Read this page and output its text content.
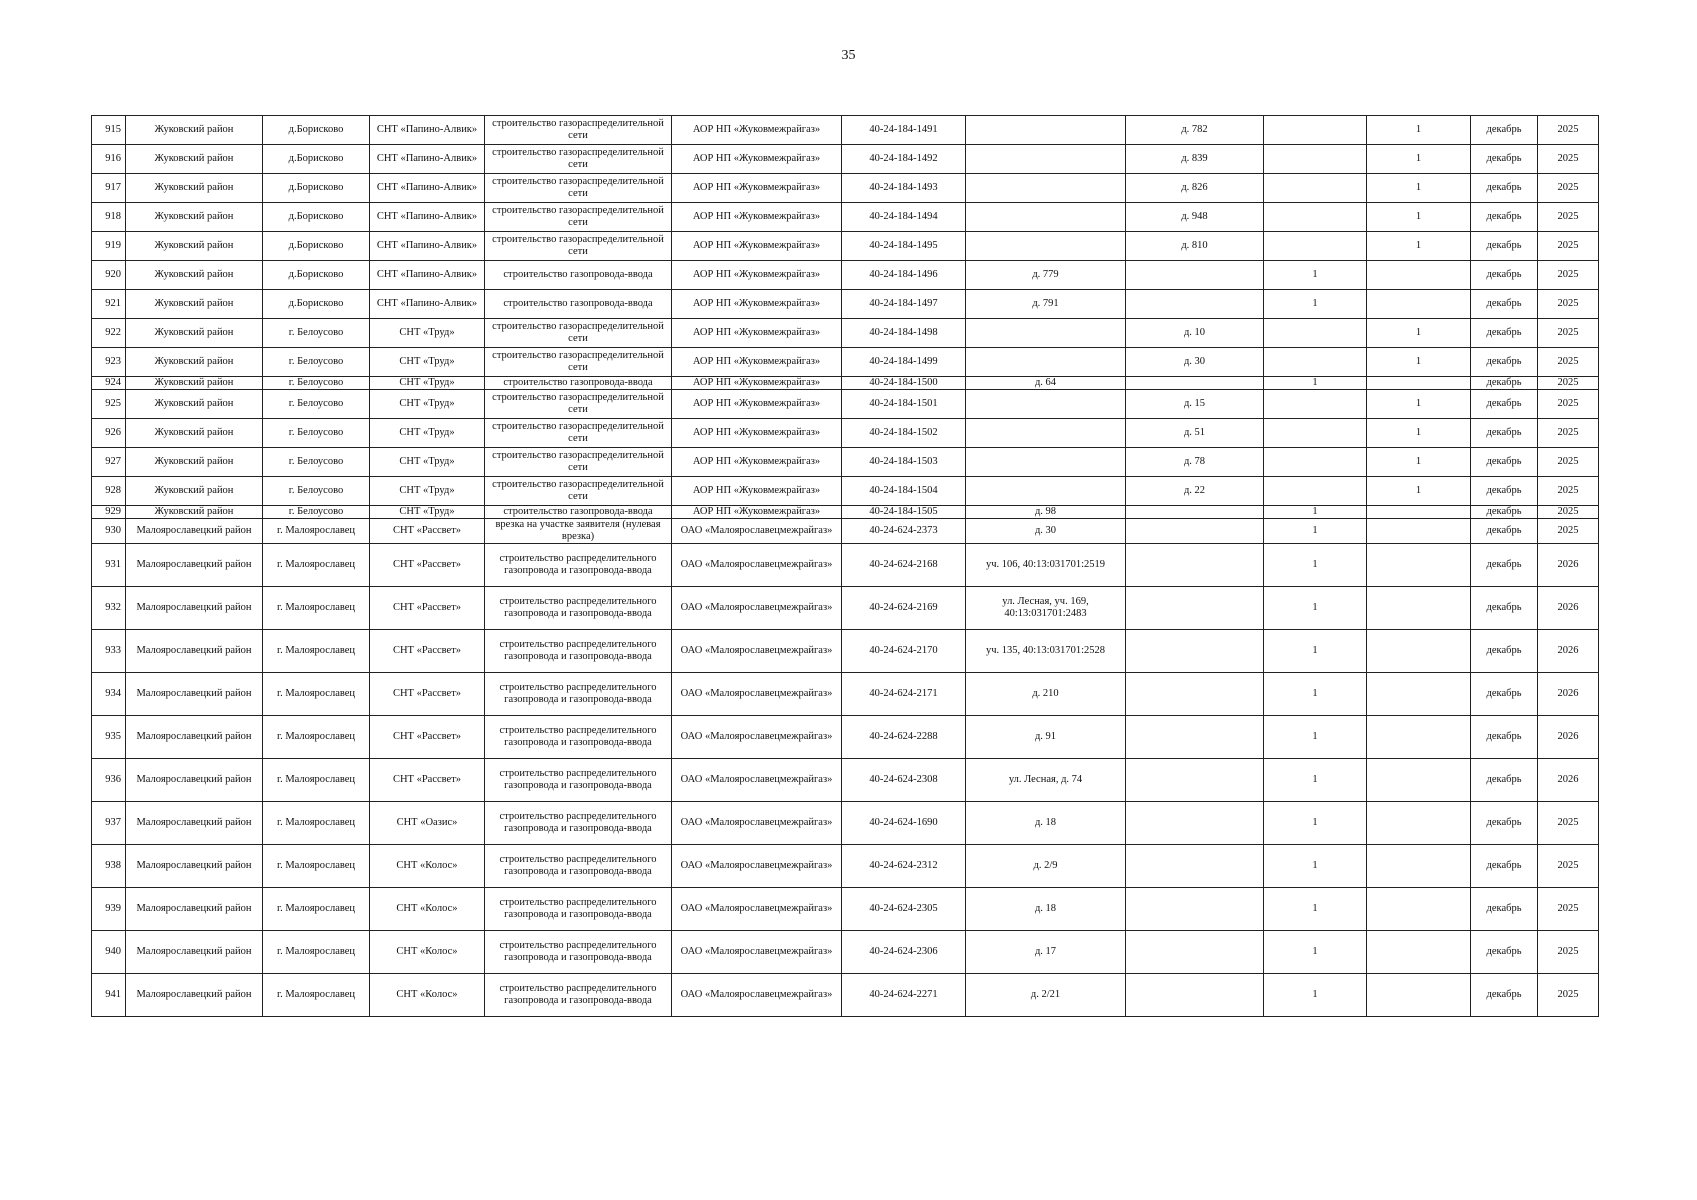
35
915	Жуковский район	д.Борисково	СНТ «Папино-Алвик»	строительство газораспределительной сети	АОР НП «Жуковмежрайгаз»	40-24-184-1491		д. 782		1	декабрь	2025
916	Жуковский район	д.Борисково	СНТ «Папино-Алвик»	строительство газораспределительной сети	АОР НП «Жуковмежрайгаз»	40-24-184-1492		д. 839		1	декабрь	2025
917	Жуковский район	д.Борисково	СНТ «Папино-Алвик»	строительство газораспределительной сети	АОР НП «Жуковмежрайгаз»	40-24-184-1493		д. 826		1	декабрь	2025
918	Жуковский район	д.Борисково	СНТ «Папино-Алвик»	строительство газораспределительной сети	АОР НП «Жуковмежрайгаз»	40-24-184-1494		д. 948		1	декабрь	2025
919	Жуковский район	д.Борисково	СНТ «Папино-Алвик»	строительство газораспределительной сети	АОР НП «Жуковмежрайгаз»	40-24-184-1495		д. 810		1	декабрь	2025
920	Жуковский район	д.Борисково	СНТ «Папино-Алвик»	строительство газопровода-ввода	АОР НП «Жуковмежрайгаз»	40-24-184-1496	д. 779		1		декабрь	2025
921	Жуковский район	д.Борисково	СНТ «Папино-Алвик»	строительство газопровода-ввода	АОР НП «Жуковмежрайгаз»	40-24-184-1497	д. 791		1		декабрь	2025
922	Жуковский район	г. Белоусово	СНТ «Труд»	строительство газораспределительной сети	АОР НП «Жуковмежрайгаз»	40-24-184-1498		д. 10		1	декабрь	2025
923	Жуковский район	г. Белоусово	СНТ «Труд»	строительство газораспределительной сети	АОР НП «Жуковмежрайгаз»	40-24-184-1499		д. 30		1	декабрь	2025
924	Жуковский район	г. Белоусово	СНТ «Труд»	строительство газопровода-ввода	АОР НП «Жуковмежрайгаз»	40-24-184-1500	д. 64		1		декабрь	2025
925	Жуковский район	г. Белоусово	СНТ «Труд»	строительство газораспределительной сети	АОР НП «Жуковмежрайгаз»	40-24-184-1501		д. 15		1	декабрь	2025
926	Жуковский район	г. Белоусово	СНТ «Труд»	строительство газораспределительной сети	АОР НП «Жуковмежрайгаз»	40-24-184-1502		д. 51		1	декабрь	2025
927	Жуковский район	г. Белоусово	СНТ «Труд»	строительство газораспределительной сети	АОР НП «Жуковмежрайгаз»	40-24-184-1503		д. 78		1	декабрь	2025
928	Жуковский район	г. Белоусово	СНТ «Труд»	строительство газораспределительной сети	АОР НП «Жуковмежрайгаз»	40-24-184-1504		д. 22		1	декабрь	2025
929	Жуковский район	г. Белоусово	СНТ «Труд»	строительство газопровода-ввода	АОР НП «Жуковмежрайгаз»	40-24-184-1505	д. 98		1		декабрь	2025
930	Малоярославецкий район	г. Малоярославец	СНТ «Рассвет»	врезка на участке заявителя (нулевая врезка)	ОАО «Малоярославецмежрайгаз»	40-24-624-2373	д. 30		1		декабрь	2025
931	Малоярославецкий район	г. Малоярославец	СНТ «Рассвет»	строительство распределительного газопровода и газопровода-ввода	ОАО «Малоярославецмежрайгаз»	40-24-624-2168	уч. 106, 40:13:031701:2519		1		декабрь	2026
932	Малоярославецкий район	г. Малоярославец	СНТ «Рассвет»	строительство распределительного газопровода и газопровода-ввода	ОАО «Малоярославецмежрайгаз»	40-24-624-2169	ул. Лесная, уч. 169, 40:13:031701:2483		1		декабрь	2026
933	Малоярославецкий район	г. Малоярославец	СНТ «Рассвет»	строительство распределительного газопровода и газопровода-ввода	ОАО «Малоярославецмежрайгаз»	40-24-624-2170	уч. 135, 40:13:031701:2528		1		декабрь	2026
934	Малоярославецкий район	г. Малоярославец	СНТ «Рассвет»	строительство распределительного газопровода и газопровода-ввода	ОАО «Малоярославецмежрайгаз»	40-24-624-2171	д. 210		1		декабрь	2026
935	Малоярославецкий район	г. Малоярославец	СНТ «Рассвет»	строительство распределительного газопровода и газопровода-ввода	ОАО «Малоярославецмежрайгаз»	40-24-624-2288	д. 91		1		декабрь	2026
936	Малоярославецкий район	г. Малоярославец	СНТ «Рассвет»	строительство распределительного газопровода и газопровода-ввода	ОАО «Малоярославецмежрайгаз»	40-24-624-2308	ул. Лесная, д. 74		1		декабрь	2026
937	Малоярославецкий район	г. Малоярославец	СНТ «Оазис»	строительство распределительного газопровода и газопровода-ввода	ОАО «Малоярославецмежрайгаз»	40-24-624-1690	д. 18		1		декабрь	2025
938	Малоярославецкий район	г. Малоярославец	СНТ «Колос»	строительство распределительного газопровода и газопровода-ввода	ОАО «Малоярославецмежрайгаз»	40-24-624-2312	д. 2/9		1		декабрь	2025
939	Малоярославецкий район	г. Малоярославец	СНТ «Колос»	строительство распределительного газопровода и газопровода-ввода	ОАО «Малоярославецмежрайгаз»	40-24-624-2305	д. 18		1		декабрь	2025
940	Малоярославецкий район	г. Малоярославец	СНТ «Колос»	строительство распределительного газопровода и газопровода-ввода	ОАО «Малоярославецмежрайгаз»	40-24-624-2306	д. 17		1		декабрь	2025
941	Малоярославецкий район	г. Малоярославец	СНТ «Колос»	строительство распределительного газопровода и газопровода-ввода	ОАО «Малоярославецмежрайгаз»	40-24-624-2271	д. 2/21		1		декабрь	2025
